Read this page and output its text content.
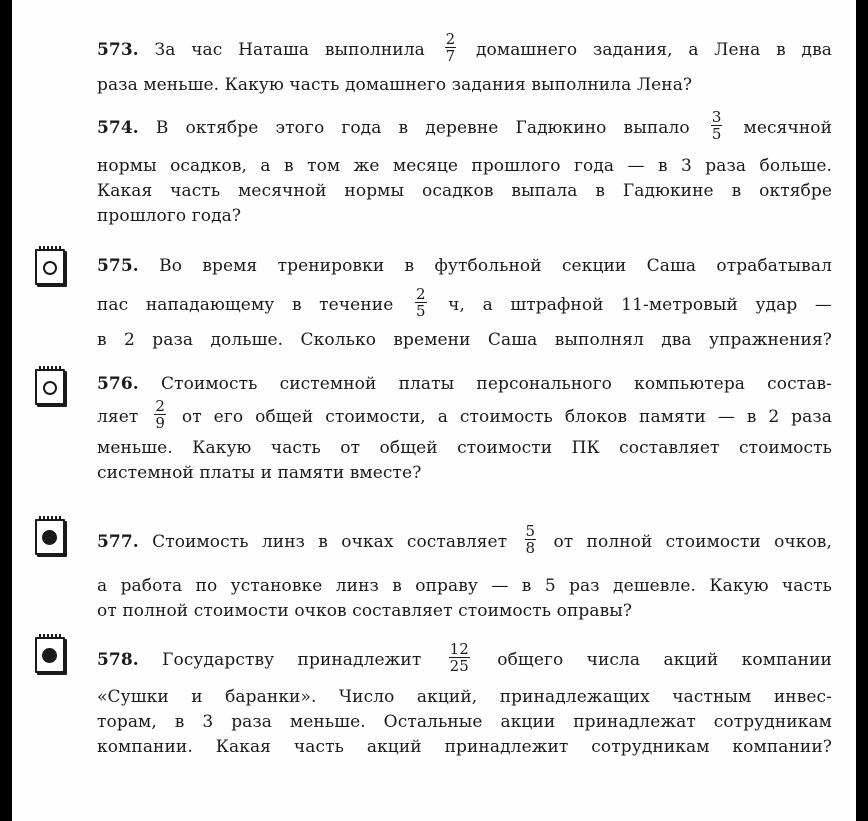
573. За час Наташа выполнила $\frac{2}{7}$ домашнего задания, а Лена в два
раза меньше. Какую часть домашнего задания выполнила Лена?
574. В октябре этого года в деревне Гадюкино выпало $\frac{3}{5}$ месячной
нормы осадков, а в том же месяце прошлого года — в 3 раза больше.
Какая часть месячной нормы осадков выпала в Гадюкине в октябре
прошлого года?
575. Во время тренировки в футбольной секции Саша отрабатывал
пас нападающему в течение $\frac{2}{5} ч$, а штрафной 11-метровый удар —
в 2 раза дольше. Сколько времени Саша выполнял два упражнения?
576. Стоимость системной платы персонального компьютера состав-
ляет $\frac{2}{9}$ от его общей стоимости, а стоимость блоков памяти — в 2 раза
меньше. Какую часть от общей стоимости ПК составляет стоимость
системной платы и памяти вместе?
577. Стоимость линз в очках составляет $\frac{5}{8}$ от полной стоимости очков,
а работа по установке линз в оправу — в 5 раз дешевле. Какую часть
от полной стоимости очков составляет стоимость оправы?
578. Государству принадлежит $\frac{12}{25}$ общего числа акций компании
«Сушки и баранки». Число акций, принадлежащих частным инвес-
торам, в 3 раза меньше. Остальные акции принадлежат сотрудникам
компании. Какая часть акций принадлежит сотрудникам компании?
